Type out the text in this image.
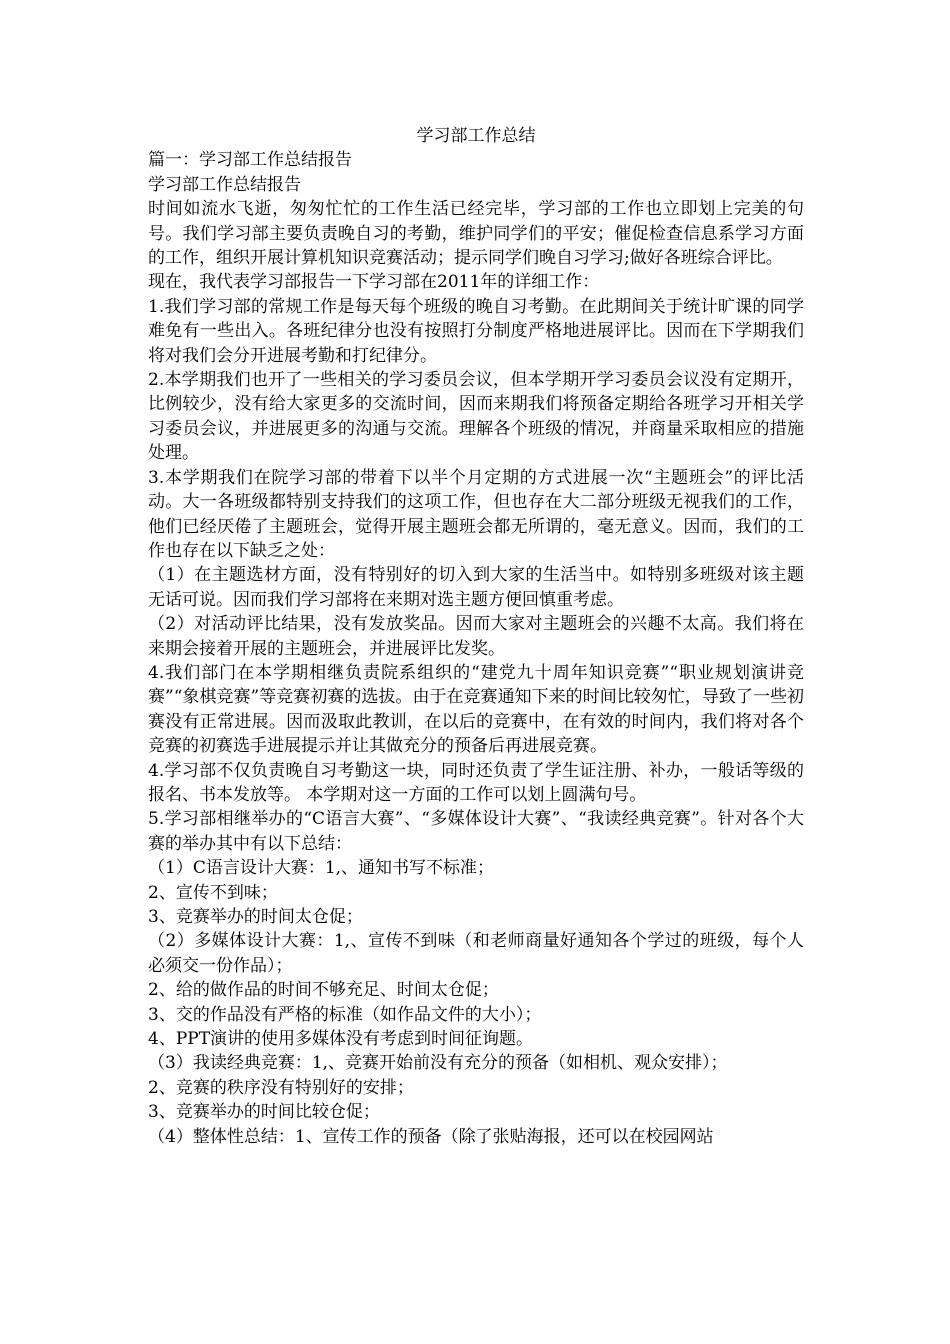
学习部工作总结

篇一：学习部工作总结报告

学习部工作总结报告

时间如流水飞逝，匆匆忙忙的工作生活已经完毕，学习部的工作也立即划上完美的句号。我们学习部主要负责晚自习的考勤，维护同学们的平安；催促检查信息系学习方面的工作，组织开展计算机知识竞赛活动；提示同学们晚自习学习;做好各班综合评比。

现在，我代表学习部报告一下学习部在2011年的详细工作：

1.我们学习部的常规工作是每天每个班级的晚自习考勤。在此期间关于统计旷课的同学难免有一些出入。各班纪律分也没有按照打分制度严格地进展评比。因而在下学期我们将对我们会分开进展考勤和打纪律分。

2.本学期我们也开了一些相关的学习委员会议，但本学期开学习委员会议没有定期开，比例较少，没有给大家更多的交流时间，因而来期我们将预备定期给各班学习开相关学习委员会议，并进展更多的沟通与交流。理解各个班级的情况，并商量采取相应的措施处理。

3.本学期我们在院学习部的带着下以半个月定期的方式进展一次“主题班会”的评比活动。大一各班级都特别支持我们的这项工作，但也存在大二部分班级无视我们的工作，他们已经厌倦了主题班会，觉得开展主题班会都无所谓的，毫无意义。因而，我们的工作也存在以下缺乏之处：

（1）在主题选材方面，没有特别好的切入到大家的生活当中。如特别多班级对该主题无话可说。因而我们学习部将在来期对选主题方便回慎重考虑。

（2）对活动评比结果，没有发放奖品。因而大家对主题班会的兴趣不太高。我们将在来期会接着开展的主题班会，并进展评比发奖。

4.我们部门在本学期相继负责院系组织的“建党九十周年知识竞赛”“职业规划演讲竞赛”“象棋竞赛”等竞赛初赛的选拔。由于在竞赛通知下来的时间比较匆忙，导致了一些初赛没有正常进展。因而汲取此教训，在以后的竞赛中，在有效的时间内，我们将对各个竞赛的初赛选手进展提示并让其做充分的预备后再进展竞赛。

4.学习部不仅负责晚自习考勤这一块，同时还负责了学生证注册、补办，一般话等级的报名、书本发放等。 本学期对这一方面的工作可以划上圆满句号。

5.学习部相继举办的“C语言大赛”、“多媒体设计大赛”、“我读经典竞赛”。针对各个大赛的举办其中有以下总结：

（1）C语言设计大赛：1,、通知书写不标准；

2、宣传不到味；

3、竞赛举办的时间太仓促；

（2）多媒体设计大赛：1,、宣传不到味（和老师商量好通知各个学过的班级，每个人必须交一份作品）；

2、给的做作品的时间不够充足、时间太仓促；

3、交的作品没有严格的标准（如作品文件的大小）；

4、PPT演讲的使用多媒体没有考虑到时间征询题。

（3）我读经典竞赛：1,、竞赛开始前没有充分的预备（如相机、观众安排）；

2、竞赛的秩序没有特别好的安排；

3、竞赛举办的时间比较仓促；

（4）整体性总结：1、宣传工作的预备（除了张贴海报，还可以在校园网站
